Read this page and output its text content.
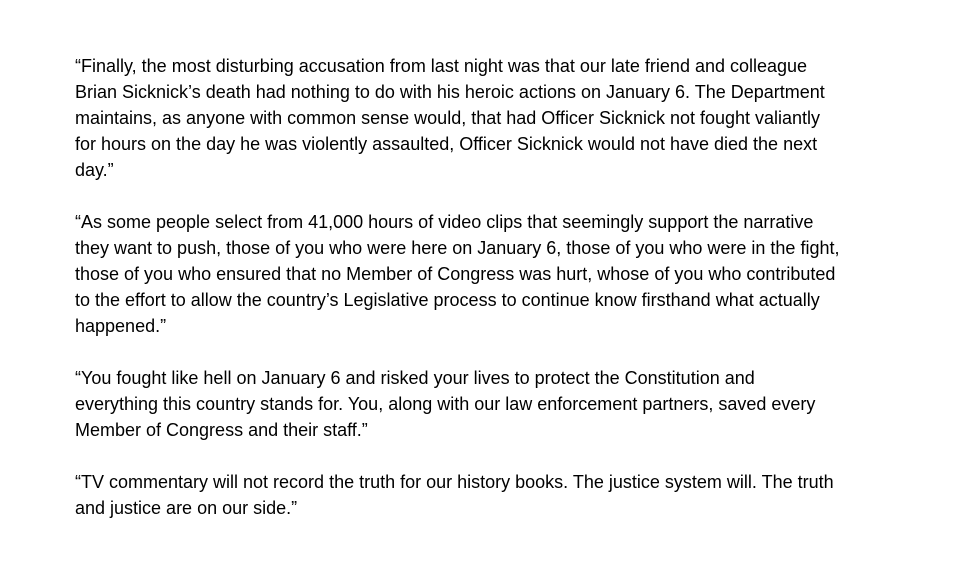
“Finally, the most disturbing accusation from last night was that our late friend and colleague
Brian Sicknick’s death had nothing to do with his heroic actions on January 6. The Department
maintains, as anyone with common sense would, that had Officer Sicknick not fought valiantly
for hours on the day he was violently assaulted, Officer Sicknick would not have died the next
day.”

“As some people select from 41,000 hours of video clips that seemingly support the narrative
they want to push, those of you who were here on January 6, those of you who were in the fight,
those of you who ensured that no Member of Congress was hurt, whose of you who contributed
to the effort to allow the country’s Legislative process to continue know firsthand what actually
happened.”

“You fought like hell on January 6 and risked your lives to protect the Constitution and
everything this country stands for. You, along with our law enforcement partners, saved every
Member of Congress and their staff.”

“TV commentary will not record the truth for our history books. The justice system will. The truth
and justice are on our side.”
